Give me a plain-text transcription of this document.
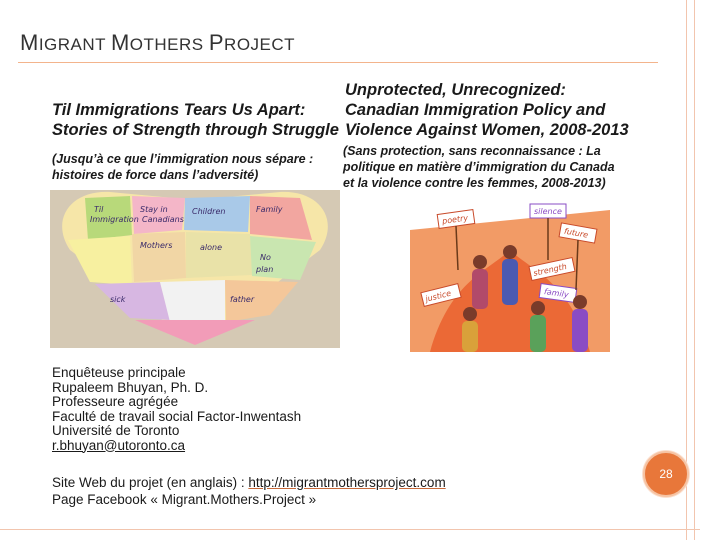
MIGRANT MOTHERS PROJECT
Til Immigrations Tears Us Apart:
Stories of Strength through Struggle
(Jusqu’à ce que l’immigration nous sépare :
histoires de force dans l’adversité)
Unprotected, Unrecognized:
Canadian Immigration Policy and
Violence Against Women, 2008-2013
(Sans protection, sans reconnaissance : La
politique en matière d’immigration du Canada
et la violence contre les femmes, 2008-2013)
Til
Immigration
Stay in
Canadians
Children	Family
Mothers	alone
No
plan
father
sick
poetry
silence
future
strength
family
justice
Enquêteuse principale
Rupaleem Bhuyan, Ph. D.
Professeure agrégée
Faculté de travail social Factor-Inwentash
Université de Toronto
r.bhuyan@utoronto.ca
Site Web du projet (en anglais) : http://migrantmothersproject.com
Page Facebook « Migrant.Mothers.Project »
28
